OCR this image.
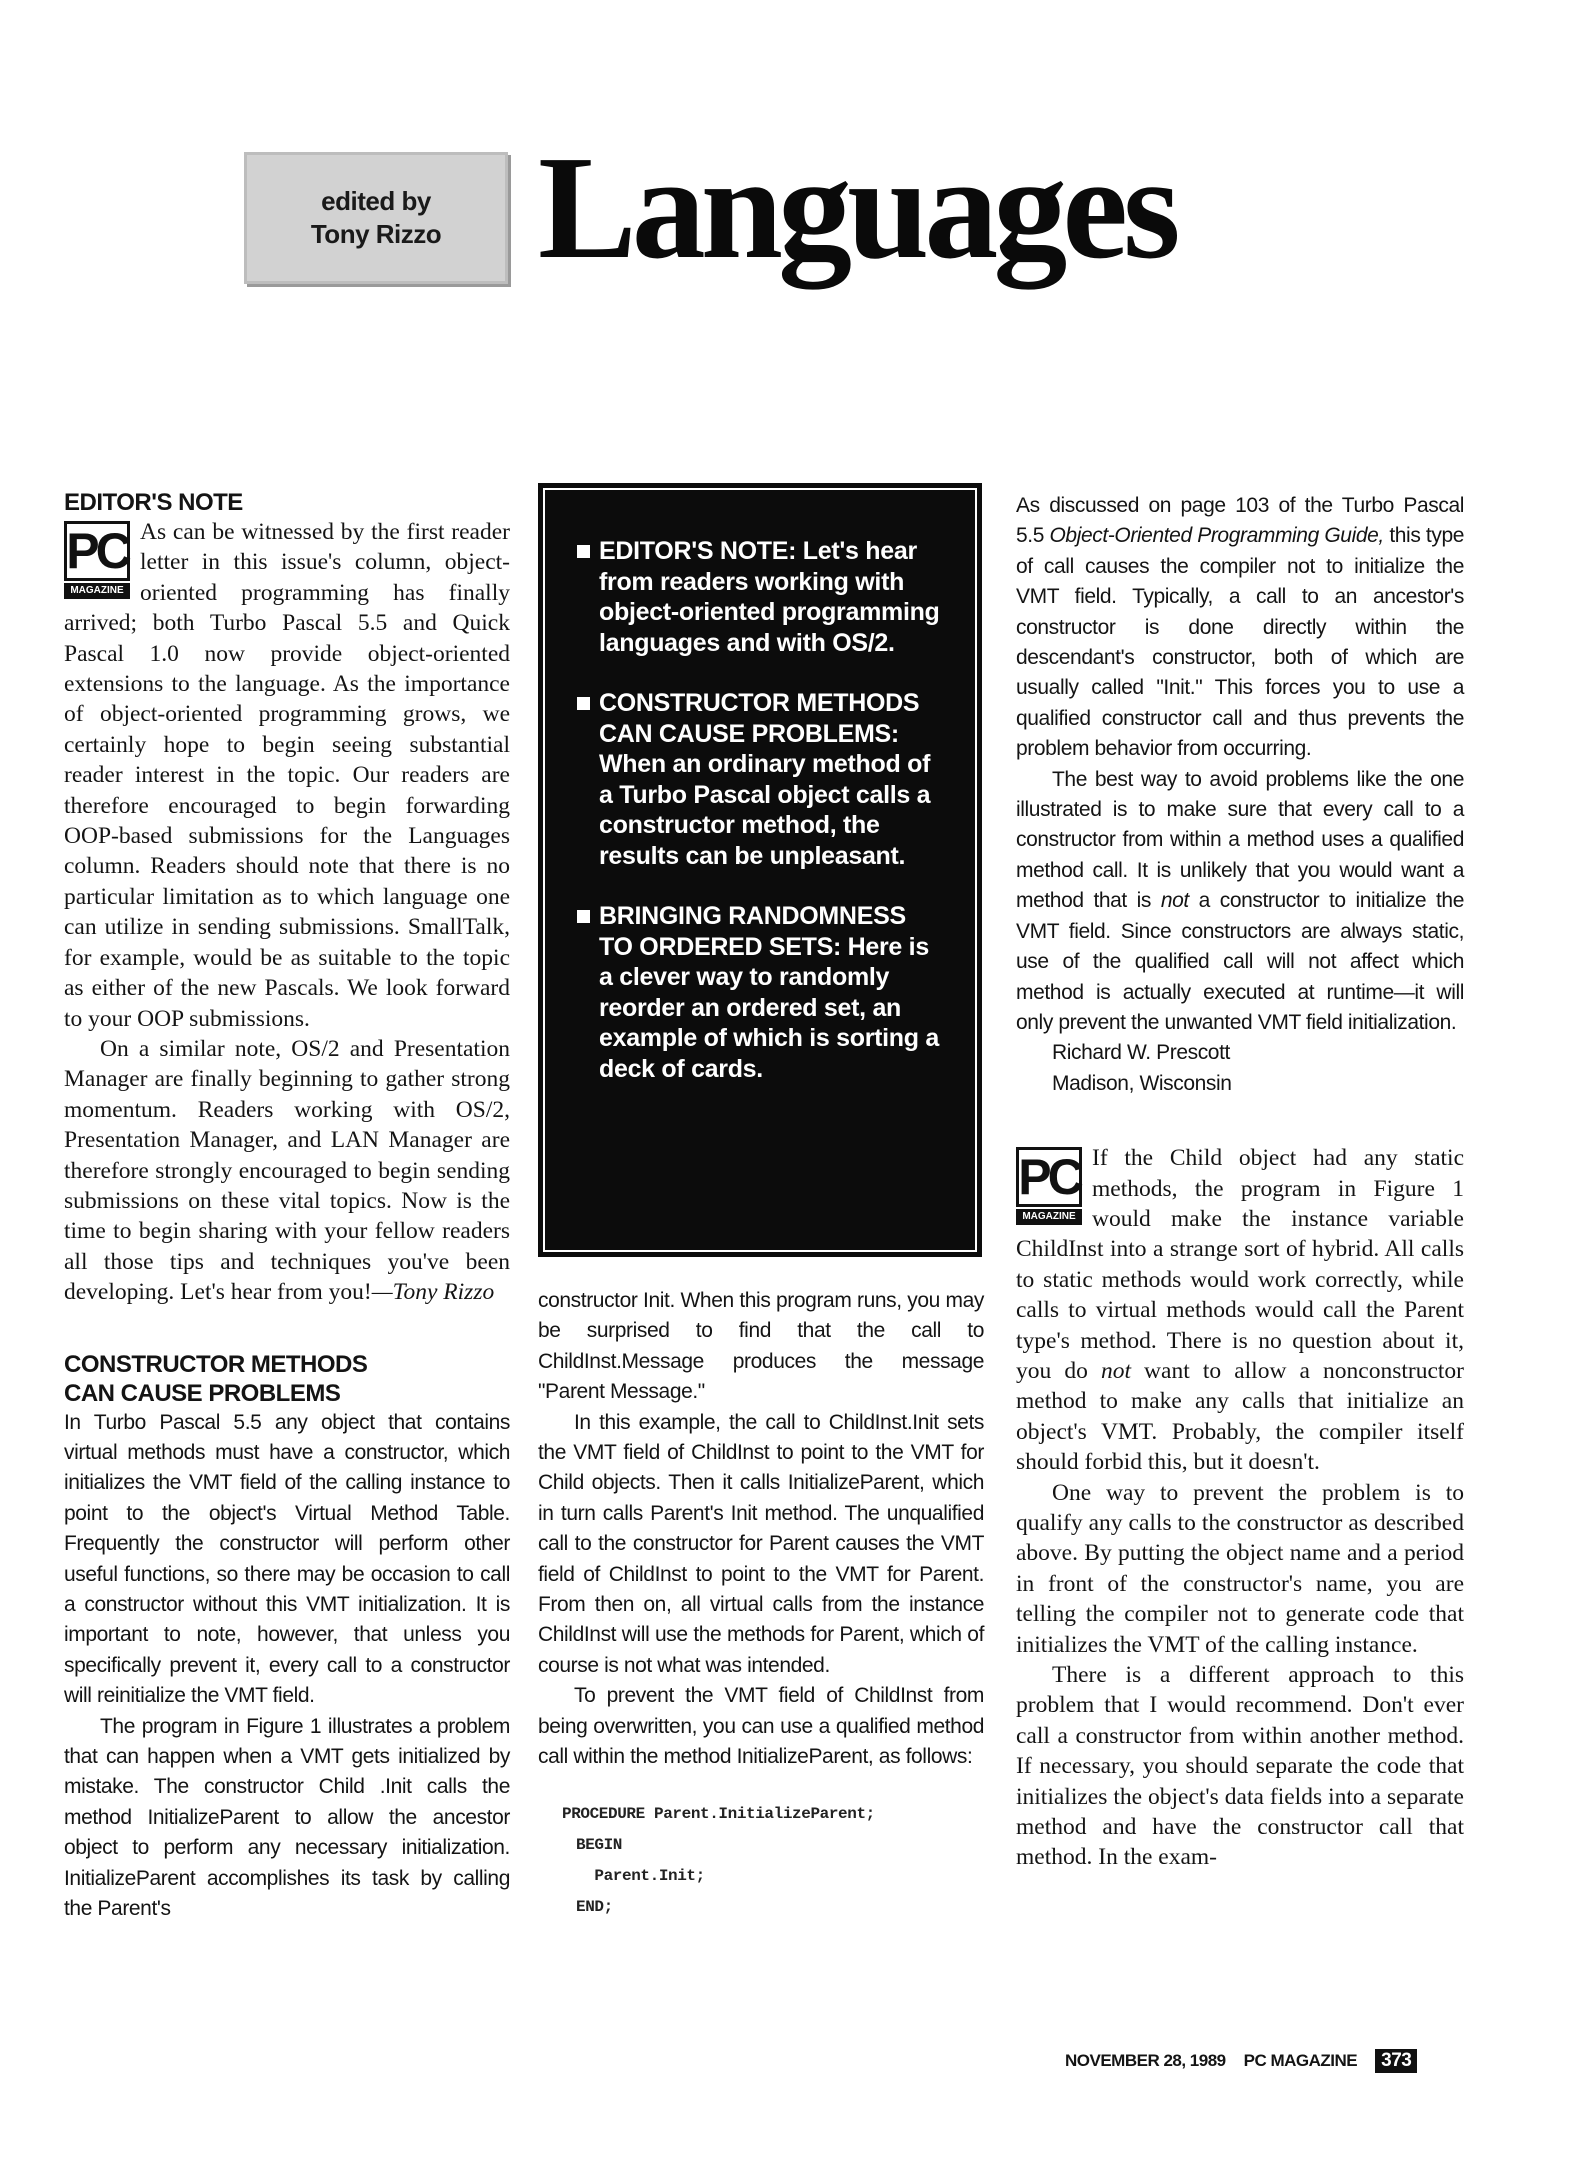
edited by
Tony Rizzo Languages
EDITOR'S NOTE
PC
MAGAZINE

As can be witnessed by the first reader letter in this issue's column, object-oriented programming has finally arrived; both Turbo Pascal 5.5 and Quick Pascal 1.0 now provide object-oriented extensions to the language. As the importance of object-oriented programming grows, we certainly hope to begin seeing substantial reader interest in the topic. Our readers are therefore encouraged to begin forwarding OOP-based submissions for the Languages column. Readers should note that there is no particular limitation as to which language one can utilize in sending submissions. SmallTalk, for example, would be as suitable to the topic as either of the new Pascals. We look forward to your OOP submissions.

On a similar note, OS/2 and Presentation Manager are finally beginning to gather strong momentum. Readers working with OS/2, Presentation Manager, and LAN Manager are therefore strongly encouraged to begin sending submissions on these vital topics. Now is the time to begin sharing with your fellow readers all those tips and techniques you've been developing. Let's hear from you!—Tony Rizzo

CONSTRUCTOR METHODS
CAN CAUSE PROBLEMS

In Turbo Pascal 5.5 any object that contains virtual methods must have a constructor, which initializes the VMT field of the calling instance to point to the object's Virtual Method Table. Frequently the constructor will perform other useful functions, so there may be occasion to call a constructor without this VMT initialization. It is important to note, however, that unless you specifically prevent it, every call to a constructor will reinitialize the VMT field.

The program in Figure 1 illustrates a problem that can happen when a VMT gets initialized by mistake. The constructor Child .Init calls the method InitializeParent to allow the ancestor object to perform any necessary initialization. InitializeParent accomplishes its task by calling the Parent's

EDITOR'S NOTE: Let's hear from readers working with object-oriented programming languages and with OS/2.
CONSTRUCTOR METHODS CAN CAUSE PROBLEMS: When an ordinary method of a Turbo Pascal object calls a constructor method, the results can be unpleasant.
BRINGING RANDOMNESS TO ORDERED SETS: Here is a clever way to randomly reorder an ordered set, an example of which is sorting a deck of cards.

constructor Init. When this program runs, you may be surprised to find that the call to ChildInst.Message produces the message "Parent Message."

In this example, the call to ChildInst.Init sets the VMT field of ChildInst to point to the VMT for Child objects. Then it calls InitializeParent, which in turn calls Parent's Init method. The unqualified call to the constructor for Parent causes the VMT field of ChildInst to point to the VMT for Parent. From then on, all virtual calls from the instance ChildInst will use the methods for Parent, which of course is not what was intended.

To prevent the VMT field of ChildInst from being overwritten, you can use a qualified method call within the method InitializeParent, as follows:

PROCEDURE Parent.InitializeParent;
BEGIN
Parent.Init;
END;

As discussed on page 103 of the Turbo Pascal 5.5 Object-Oriented Programming Guide, this type of call causes the compiler not to initialize the VMT field. Typically, a call to an ancestor's constructor is done directly within the descendant's constructor, both of which are usually called "Init." This forces you to use a qualified constructor call and thus prevents the problem behavior from occurring.

The best way to avoid problems like the one illustrated is to make sure that every call to a constructor from within a method uses a qualified method call. It is unlikely that you would want a method that is not a constructor to initialize the VMT field. Since constructors are always static, use of the qualified call will not affect which method is actually executed at runtime—it will only prevent the unwanted VMT field initialization.

Richard W. Prescott

Madison, Wisconsin

PC
MAGAZINE

If the Child object had any static methods, the program in Figure 1 would make the instance variable ChildInst into a strange sort of hybrid. All calls to static methods would work correctly, while calls to virtual methods would call the Parent type's method. There is no question about it, you do not want to allow a nonconstructor method to make any calls that initialize an object's VMT. Probably, the compiler itself should forbid this, but it doesn't.

One way to prevent the problem is to qualify any calls to the constructor as described above. By putting the object name and a period in front of the constructor's name, you are telling the compiler not to generate code that initializes the VMT of the calling instance.

There is a different approach to this problem that I would recommend. Don't ever call a constructor from within another method. If necessary, you should separate the code that initializes the object's data fields into a separate method and have the constructor call that method. In the exam-

NOVEMBER 28, 1989 PC MAGAZINE	373
